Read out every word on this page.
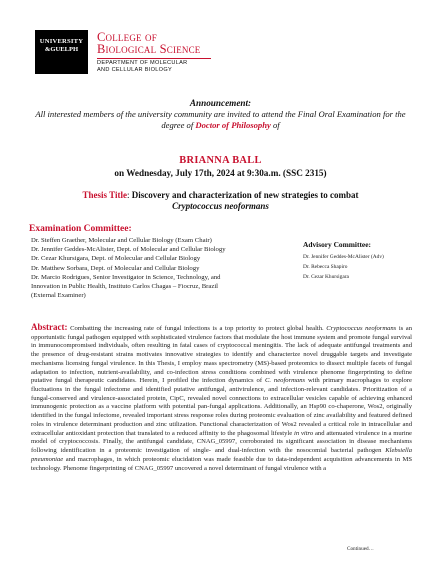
UNIVERSITY
&GUELPH
College of
Biological Science
DEPARTMENT OF MOLECULAR
AND CELLULAR BIOLOGY
Announcement:
All interested members of the university community are invited to attend the Final Oral Examination for the degree of Doctor of Philosophy of
BRIANNA BALL
on Wednesday, July 17th, 2024 at 9:30a.m. (SSC 2315)
Thesis Title: Discovery and characterization of new strategies to combat
Cryptococcus neoformans
Examination Committee:
Dr. Steffen Graether, Molecular and Cellular Biology (Exam Chair)
Dr. Jennifer Geddes-McAlister, Dept. of Molecular and Cellular Biology
Dr. Cezar Khursigara, Dept. of Molecular and Cellular Biology
Dr. Matthew Sorbara, Dept. of Molecular and Cellular Biology
Dr. Marcio Rodrigues, Senior Investigator in Science, Technology, and
Innovation in Public Health, Instituto Carlos Chagas – Fiocruz, Brazil
(External Examiner)
Advisory Committee:
Dr. Jennifer Geddes-McAlister (Adv)
Dr. Rebecca Shapiro
Dr. Cezar Khursigara
Abstract: Combatting the increasing rate of fungal infections is a top priority to protect global health. Cryptococcus neoformans is an opportunistic fungal pathogen equipped with sophisticated virulence factors that modulate the host immune system and promote fungal survival in immunocompromised individuals, often resulting in fatal cases of cryptococcal meningitis. The lack of adequate antifungal treatments and the presence of drug-resistant strains motivates innovative strategies to identify and characterize novel druggable targets and investigate mechanisms licensing fungal virulence. In this Thesis, I employ mass spectrometry (MS)-based proteomics to dissect multiple facets of fungal adaptation to infection, nutrient-availability, and co-infection stress conditions combined with virulence phenome fingerprinting to define putative fungal therapeutic candidates. Herein, I profiled the infection dynamics of C. neoformans with primary macrophages to explore fluctuations in the fungal infectome and identified putative antifungal, antivirulence, and infection-relevant candidates. Prioritization of a fungal-conserved and virulence-associated protein, CipC, revealed novel connections to extracellular vesicles capable of achieving enhanced immunogenic protection as a vaccine platform with potential pan-fungal applications. Additionally, an Hsp90 co-chaperone, Wos2, originally identified in the fungal infectome, revealed important stress response roles during proteomic evaluation of zinc availability and featured defined roles in virulence determinant production and zinc utilization. Functional characterization of Wos2 revealed a critical role in intracellular and extracellular antioxidant protection that translated to a reduced affinity to the phagosomal lifestyle in vitro and attenuated virulence in a murine model of cryptococcosis. Finally, the antifungal candidate, CNAG_05997, corroborated its significant association in disease mechanisms following identification in a proteomic investigation of single- and dual-infection with the nosocomial bacterial pathogen Klebsiella pneumoniae and macrophages, in which proteomic elucidation was made feasible due to data-independent acquisition advancements in MS technology. Phenome fingerprinting of CNAG_05997 uncovered a novel determinant of fungal virulence with a
Continued…
